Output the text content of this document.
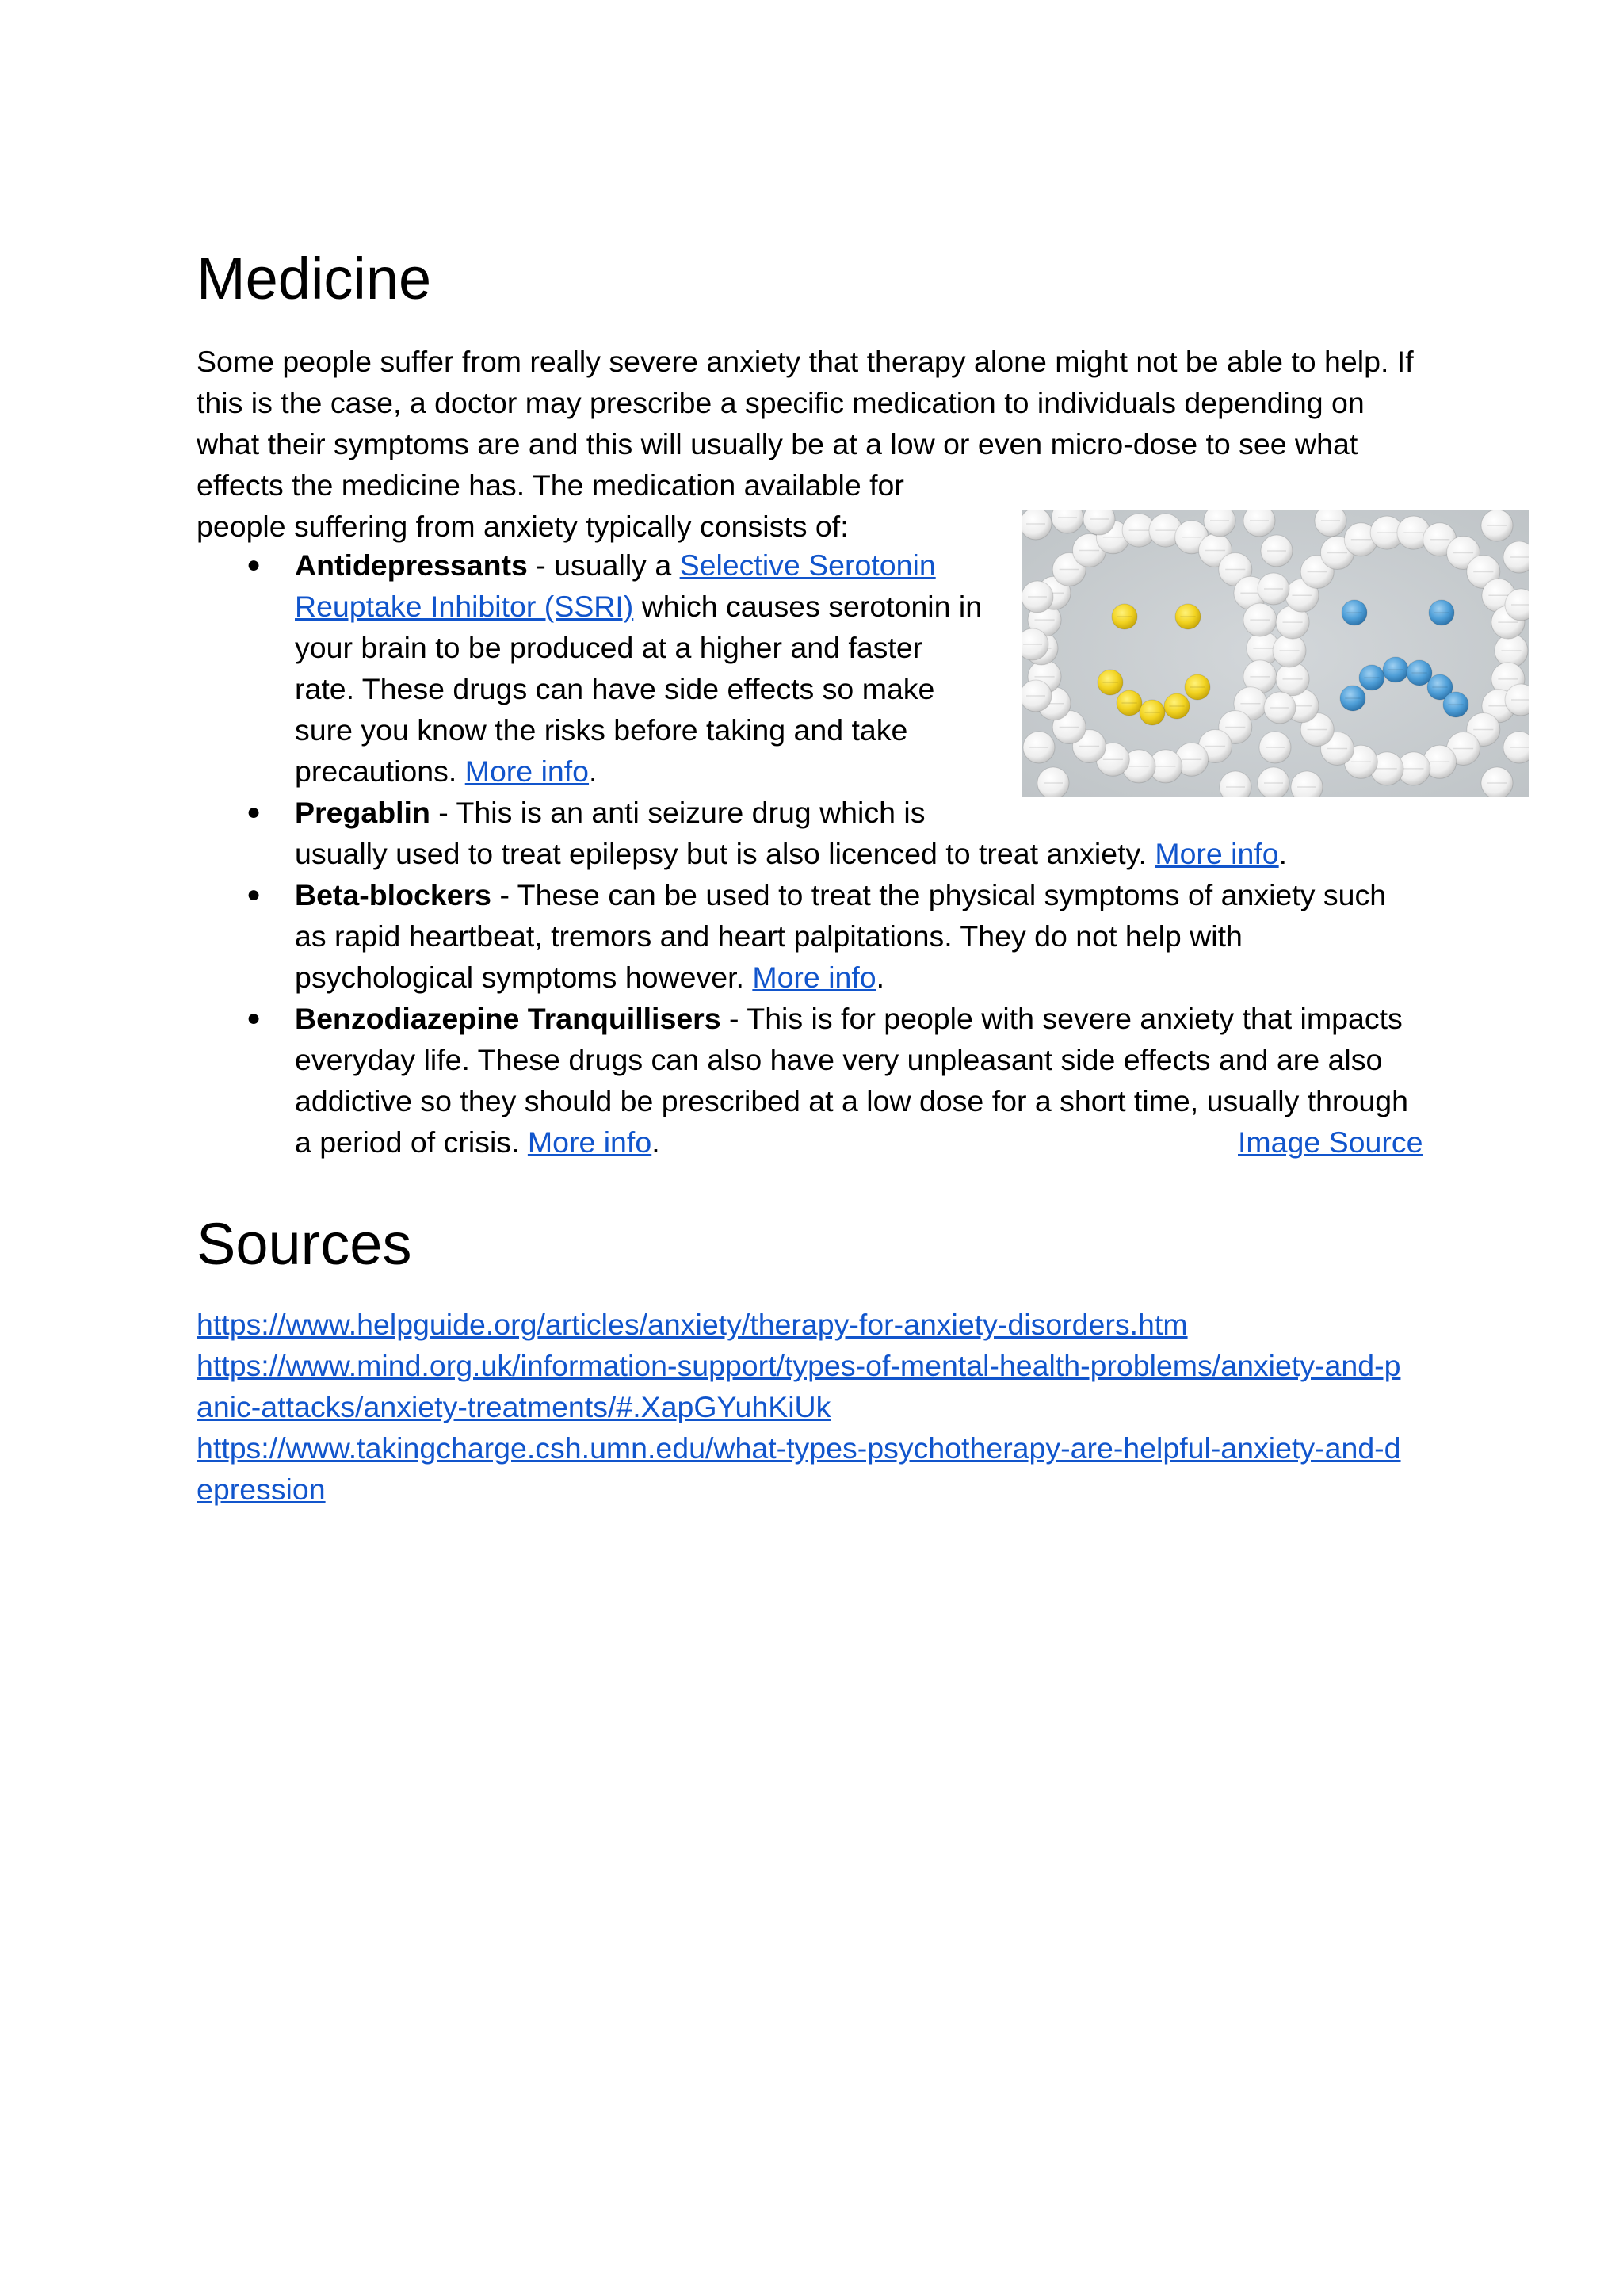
Medicine
Some people suffer from really severe anxiety that therapy alone might not be able to help. If
this is the case, a doctor may prescribe a specific medication to individuals depending on
what their symptoms are and this will usually be at a low or even micro-dose to see what
effects the medicine has. The medication available for
people suffering from anxiety typically consists of:
● Antidepressants - usually a Selective Serotonin
Reuptake Inhibitor (SSRI) which causes serotonin in
your brain to be produced at a higher and faster
rate. These drugs can have side effects so make
sure you know the risks before taking and take
precautions. More info.
● Pregablin - This is an anti seizure drug which is
usually used to treat epilepsy but is also licenced to treat anxiety. More info.
● Beta-blockers - These can be used to treat the physical symptoms of anxiety such
as rapid heartbeat, tremors and heart palpitations. They do not help with
psychological symptoms however. More info.
● Benzodiazepine Tranquillisers - This is for people with severe anxiety that impacts
everyday life. These drugs can also have very unpleasant side effects and are also
addictive so they should be prescribed at a low dose for a short time, usually through
a period of crisis. More info.	Image Source
Sources
https://www.helpguide.org/articles/anxiety/therapy-for-anxiety-disorders.htm
https://www.mind.org.uk/information-support/types-of-mental-health-problems/anxiety-and-p
anic-attacks/anxiety-treatments/#.XapGYuhKiUk
https://www.takingcharge.csh.umn.edu/what-types-psychotherapy-are-helpful-anxiety-and-d
epression
